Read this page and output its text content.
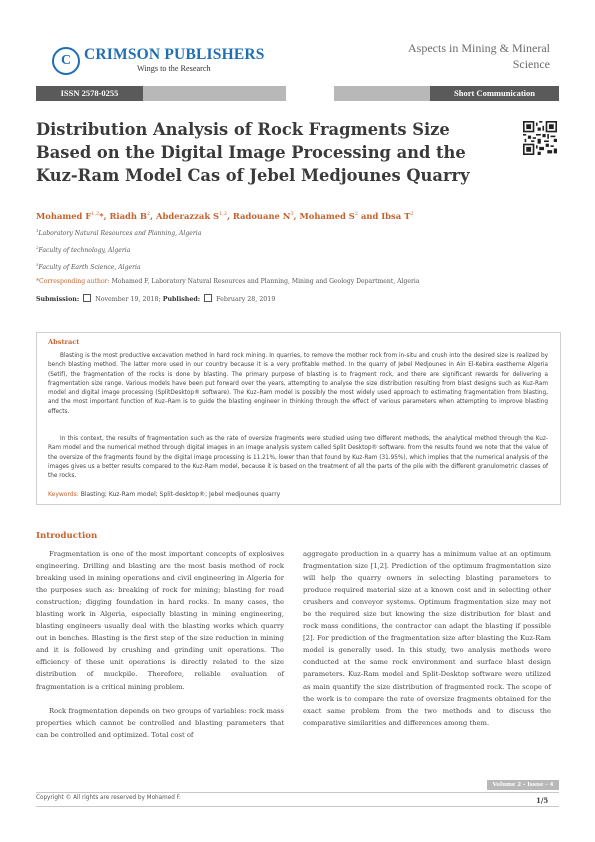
C CRIMSON PUBLISHERS
Wings to the Research
Aspects in Mining & Mineral
Science
ISSN 2578-0255	Short Communication
Distribution Analysis of Rock Fragments Size Based on the Digital Image Processing and the Kuz-Ram Model Cas of Jebel Medjounes Quarry
Mohamed F$^{1,2}$*, Riadh $B^2$, Abderazzak S$^{1,2}$, Radouane $N^3$, Mohamed $S^2$ and Ibsa $T^2$
$^1$Laboratory Natural Resources and Planning, Algeria
$^2$Faculty of technology, Algeria
$^3$Faculty of Earth Science, Algeria
*Corresponding author: Mohamed F, Laboratory Natural Resources and Planning, Mining and Geology Department, Algeria
Submission:	November 19, 2018; Published:	February 28, 2019
Abstract
Blasting is the most productive excavation method in hard rock mining. In quarries, to remove the mother rock from in-situ and crush into the desired size is realized by bench blasting method. The latter more used in our country because it is a very profitable method. In the quarry of Jebel Medjounes in Ain El-Kebira eastherne Algeria (Setif), the fragmentation of the rocks is done by blasting. The primary purpose of blasting is to fragment rock, and there are significant rewards for delivering a fragmentation size range. Various models have been put forward over the years, attempting to analyse the size distribution resulting from blast designs such as Kuz-Ram model and digital image processing (SplitDesktop® software). The Kuz–Ram model is possibly the most widely used approach to estimating fragmentation from blasting, and the most important function of Kuz–Ram is to guide the blasting engineer in thinking through the effect of various parameters when attempting to improve blasting effects.
In this context, the results of fragmentation such as the rate of oversize fragments were studied using two different methods, the analytical method through the Kuz-Ram model and the numerical method through digital images in an image analysis system called Split Desktop® software. from the results found we note that the value of the oversize of the fragments found by the digital image processing is 11.21%, lower than that found by Kuz-Ram (31.95%), which implies that the numerical analysis of the images gives us a better results compared to the Kuz-Ram model, because it is based on the treatment of all the parts of the pile with the different granulometric classes of the rocks.
Keywords: Blasting; Kuz-Ram model; Split-desktop®; Jebel medjounes quarry
Introduction

Fragmentation is one of the most important concepts of explosives engineering. Drilling and blasting are the most basis method of rock breaking used in mining operations and civil engineering in Algeria for the purposes such as: breaking of rock for mining; blasting for road construction; digging foundation in hard rocks. In many cases, the blasting work in Algeria, especially blasting in mining engineering, blasting engineers usually deal with the blasting works which quarry out in benches. Blasting is the first step of the size reduction in mining and it is followed by crushing and grinding unit operations. The efficiency of these unit operations is directly related to the size distribution of muckpile. Therefore, reliable evaluation of fragmentation is a critical mining problem.

Rock fragmentation depends on two groups of variables: rock mass properties which cannot be controlled and blasting parameters that can be controlled and optimized. Total cost of

aggregate production in a quarry has a minimum value at an optimum fragmentation size [1,2]. Prediction of the optimum fragmentation size will help the quarry owners in selecting blasting parameters to produce required material size at a known cost and in selecting other crushers and conveyor systems. Optimum fragmentation size may not be the required size but knowing the size distribution for blast and rock mass conditions, the contractor can adapt the blasting if possible [2]. For prediction of the fragmentation size after blasting the Kuz-Ram model is generally used. In this study, two analysis methods were conducted at the same rock environment and surface blast design parameters. Kuz-Ram model and Split-Desktop software were utilized as main quantify the size distribution of fragmented rock. The scope of the work is to compare the rate of oversize fragments obtained for the exact same problem from the two methods and to discuss the comparative similarities and differences among them.

Volume 2 - Issue - 4
Copyright © All rights are reserved by Mohamed F.	1/5
